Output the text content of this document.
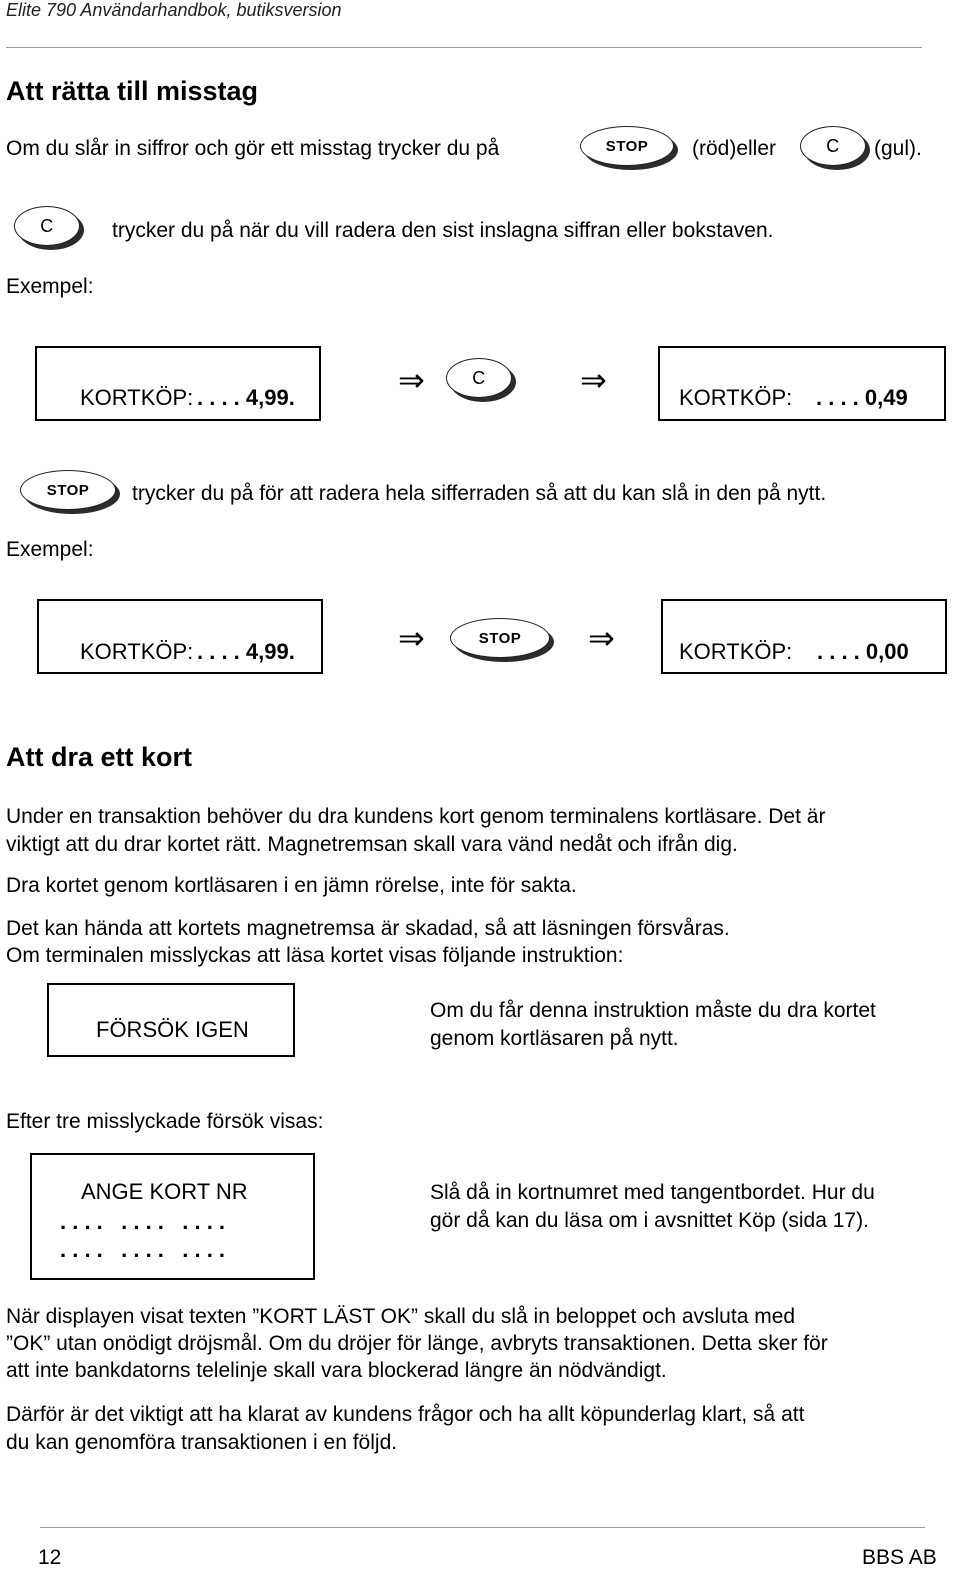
Elite 790 Användarhandbok, butiksversion
Att rätta till misstag
Om du slår in siffror och gör ett misstag trycker du på	STOP	(röd)eller	C	(gul).
C	trycker du på när du vill radera den sist inslagna siffran eller bokstaven.
Exempel:
KORTKÖP: . . . . 4,99.	⇒	C	⇒	KORTKÖP: . . . . 0,49
STOP	trycker du på för att radera hela sifferraden så att du kan slå in den på nytt.
Exempel:
KORTKÖP: . . . . 4,99.	⇒	STOP	⇒	KORTKÖP: . . . . 0,00
Att dra ett kort
Under en transaktion behöver du dra kundens kort genom terminalens kortläsare. Det är
viktigt att du drar kortet rätt. Magnetremsan skall vara vänd nedåt och ifrån dig.
Dra kortet genom kortläsaren i en jämn rörelse, inte för sakta.
Det kan hända att kortets magnetremsa är skadad, så att läsningen försvåras.
Om terminalen misslyckas att läsa kortet visas följande instruktion:
FÖRSÖK IGEN
Om du får denna instruktion måste du dra kortet
genom kortläsaren på nytt.
Efter tre misslyckade försök visas:
ANGE KORT NR
. . . .   . . . .   . . . .
. . . .   . . . .   . . . .
Slå då in kortnumret med tangentbordet. Hur du
gör då kan du läsa om i avsnittet Köp (sida 17).
När displayen visat texten ”KORT LÄST OK” skall du slå in beloppet och avsluta med
”OK” utan onödigt dröjsmål. Om du dröjer för länge, avbryts transaktionen. Detta sker för
att inte bankdatorns telelinje skall vara blockerad längre än nödvändigt.
Därför är det viktigt att ha klarat av kundens frågor och ha allt köpunderlag klart, så att
du kan genomföra transaktionen i en följd.
12	BBS AB
